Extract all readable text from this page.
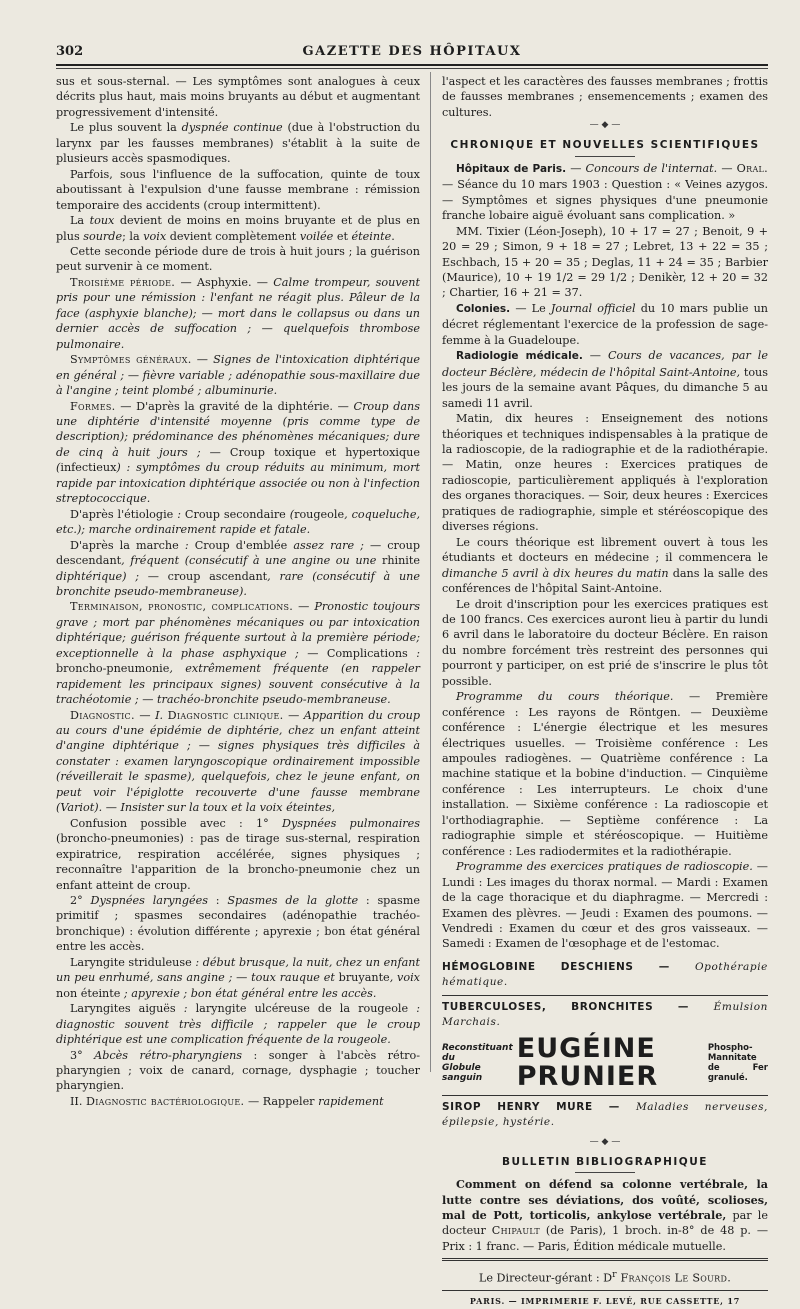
302	GAZETTE DES HÔPITAUX

sus et sous-sternal. — Les symptômes sont analogues à ceux décrits plus haut, mais moins bruyants au début et augmentant progressivement d'intensité.

Le plus souvent la dyspnée continue (due à l'obstruction du larynx par les fausses membranes) s'établit à la suite de plusieurs accès spasmodiques.

Parfois, sous l'influence de la suffocation, quinte de toux aboutissant à l'expulsion d'une fausse membrane : rémission temporaire des accidents (croup intermittent).

La toux devient de moins en moins bruyante et de plus en plus sourde; la voix devient complètement voilée et éteinte.

Cette seconde période dure de trois à huit jours ; la guérison peut survenir à ce moment.

Troisième période. — Asphyxie. — Calme trompeur, souvent pris pour une rémission : l'enfant ne réagit plus. Pâleur de la face (asphyxie blanche); — mort dans le collapsus ou dans un dernier accès de suffocation ; — quelquefois thrombose pulmonaire.

Symptômes généraux. — Signes de l'intoxication diphtérique en général ; — fièvre variable ; adénopathie sous-maxillaire due à l'angine ; teint plombé ; albuminurie.

Formes. — D'après la gravité de la diphtérie. — Croup dans une diphtérie d'intensité moyenne (pris comme type de description); prédominance des phénomènes mécaniques; dure de cinq à huit jours ; — Croup toxique et hypertoxique (infectieux) : symptômes du croup réduits au minimum, mort rapide par intoxication diphtérique associée ou non à l'infection streptococcique.

D'après l'étiologie : Croup secondaire (rougeole, coqueluche, etc.); marche ordinairement rapide et fatale.

D'après la marche : Croup d'emblée assez rare ; — croup descendant, fréquent (consécutif à une angine ou une rhinite diphtérique) ; — croup ascendant, rare (consécutif à une bronchite pseudo-membraneuse).

Terminaison, pronostic, complications. — Pronostic toujours grave ; mort par phénomènes mécaniques ou par intoxication diphtérique; guérison fréquente surtout à la première période; exceptionnelle à la phase asphyxique ; — Complications : broncho-pneumonie, extrêmement fréquente (en rappeler rapidement les principaux signes) souvent consécutive à la trachéotomie ; — trachéo-bronchite pseudo-membraneuse.

Diagnostic. — I. Diagnostic clinique. — Apparition du croup au cours d'une épidémie de diphtérie, chez un enfant atteint d'angine diphtérique ; — signes physiques très difficiles à constater : examen laryngoscopique ordinairement impossible (réveillerait le spasme), quelquefois, chez le jeune enfant, on peut voir l'épiglotte recouverte d'une fausse membrane (Variot). — Insister sur la toux et la voix éteintes,

Confusion possible avec : 1° Dyspnées pulmonaires (broncho-pneumonies) : pas de tirage sus-sternal, respiration expiratrice, respiration accélérée, signes physiques ; reconnaître l'apparition de la broncho-pneumonie chez un enfant atteint de croup.

2° Dyspnées laryngées : Spasmes de la glotte : spasme primitif ; spasmes secondaires (adénopathie trachéo-bronchique) : évolution différente ; apyrexie ; bon état général entre les accès.

Laryngite striduleuse : début brusque, la nuit, chez un enfant un peu enrhumé, sans angine ; — toux rauque et bruyante, voix non éteinte ; apyrexie ; bon état général entre les accès.

Laryngites aiguës : laryngite ulcéreuse de la rougeole : diagnostic souvent très difficile ; rappeler que le croup diphtérique est une complication fréquente de la rougeole.

3° Abcès rétro-pharyngiens : songer à l'abcès rétro-pharyngien ; voix de canard, cornage, dysphagie ; toucher pharyngien.

II. Diagnostic bactériologique. — Rappeler rapidement

l'aspect et les caractères des fausses membranes ; frottis de fausses membranes ; ensemencements ; examen des cultures.

— ◆ —
CHRONIQUE ET NOUVELLES SCIENTIFIQUES

Hôpitaux de Paris. — Concours de l'internat. — Oral. — Séance du 10 mars 1903 : Question : « Veines azygos. — Symptômes et signes physiques d'une pneumonie franche lobaire aiguë évoluant sans complication. »

MM. Tixier (Léon-Joseph), 10 + 17 = 27 ; Benoit, 9 + 20 = 29 ; Simon, 9 + 18 = 27 ; Lebret, 13 + 22 = 35 ; Eschbach, 15 + 20 = 35 ; Deglas, 11 + 24 = 35 ; Barbier (Maurice), 10 + 19 1/2 = 29 1/2 ; Denikèr, 12 + 20 = 32 ; Chartier, 16 + 21 = 37.

Colonies. — Le Journal officiel du 10 mars publie un décret réglementant l'exercice de la profession de sage-femme à la Guadeloupe.

Radiologie médicale. — Cours de vacances, par le docteur Béclère, médecin de l'hôpital Saint-Antoine, tous les jours de la semaine avant Pâques, du dimanche 5 au samedi 11 avril.

Matin, dix heures : Enseignement des notions théoriques et techniques indispensables à la pratique de la radioscopie, de la radiographie et de la radiothérapie. — Matin, onze heures : Exercices pratiques de radioscopie, particulièrement appliqués à l'exploration des organes thoraciques. — Soir, deux heures : Exercices pratiques de radiographie, simple et stéréoscopique des diverses régions.

Le cours théorique est librement ouvert à tous les étudiants et docteurs en médecine ; il commencera le dimanche 5 avril à dix heures du matin dans la salle des conférences de l'hôpital Saint-Antoine.

Le droit d'inscription pour les exercices pratiques est de 100 francs. Ces exercices auront lieu à partir du lundi 6 avril dans le laboratoire du docteur Béclère. En raison du nombre forcément très restreint des personnes qui pourront y participer, on est prié de s'inscrire le plus tôt possible.

Programme du cours théorique. — Première conférence : Les rayons de Röntgen. — Deuxième conférence : L'énergie électrique et les mesures électriques usuelles. — Troisième conférence : Les ampoules radiogènes. — Quatrième conférence : La machine statique et la bobine d'induction. — Cinquième conférence : Les interrupteurs. Le choix d'une installation. — Sixième conférence : La radioscopie et l'orthodiagraphie. — Septième conférence : La radiographie simple et stéréoscopique. — Huitième conférence : Les radiodermites et la radiothérapie.

Programme des exercices pratiques de radioscopie. — Lundi : Les images du thorax normal. — Mardi : Examen de la cage thoracique et du diaphragme. — Mercredi : Examen des plèvres. — Jeudi : Examen des poumons. — Vendredi : Examen du cœur et des gros vaisseaux. — Samedi : Examen de l'œsophage et de l'estomac.

HÉMOGLOBINE DESCHIENS — Opothérapie hématique.
TUBERCULOSES, BRONCHITES — Émulsion Marchais.
Reconstituant du
Globule sanguin
EUGÉINE PRUNIER
Phospho-Mannitate
de Fer granulé.
SIROP HENRY MURE — Maladies nerveuses, épilepsie, hystérie.
— ◆ —
BULLETIN BIBLIOGRAPHIQUE

Comment on défend sa colonne vertébrale, la lutte contre ses déviations, dos voûté, scolioses, mal de Pott, torticolis, ankylose vertébrale, par le docteur Chipault (de Paris), 1 broch. in-8° de 48 p. — Prix : 1 franc. — Paris, Édition médicale mutuelle.

Le Directeur-gérant : $D^r$ François Le Sourd.
PARIS. — IMPRIMERIE F. LEVÉ, RUE CASSETTE, 17
